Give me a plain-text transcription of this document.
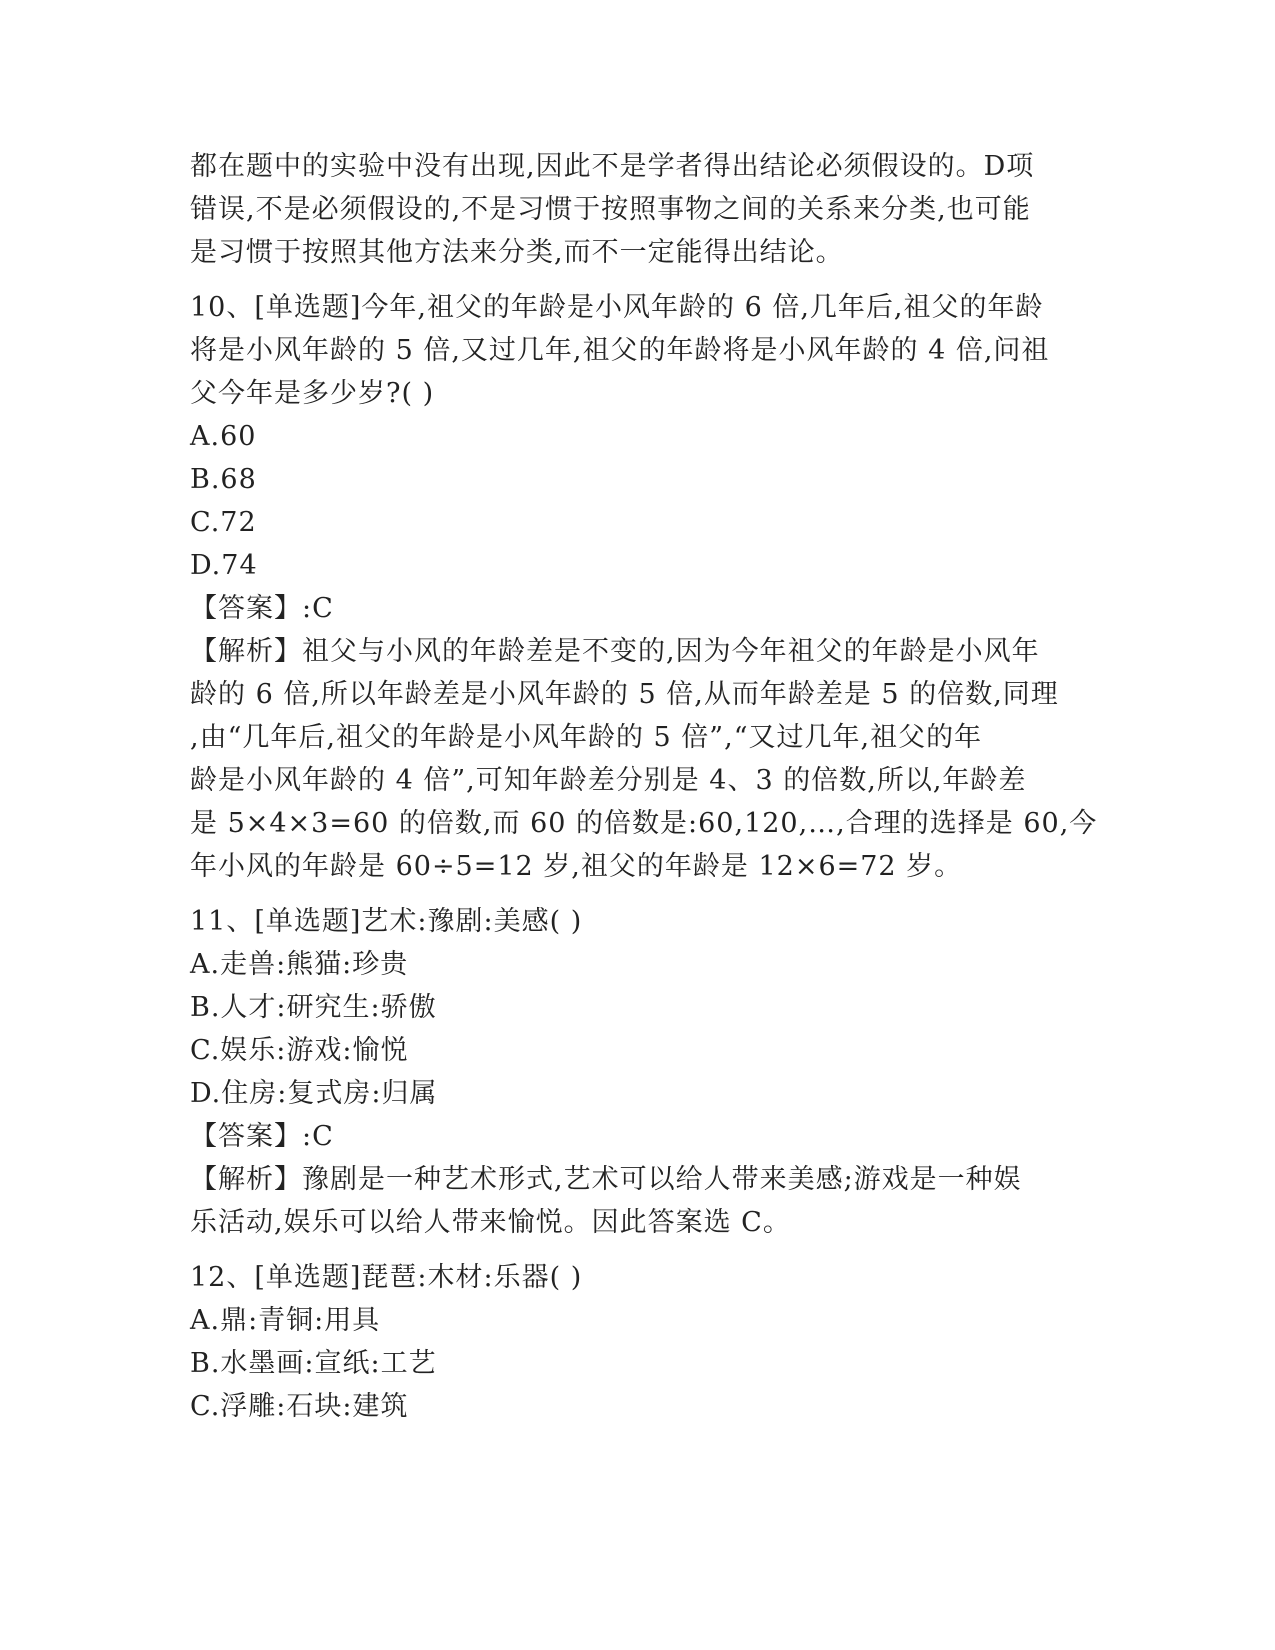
都在题中的实验中没有出现,因此不是学者得出结论必须假设的。D项
错误,不是必须假设的,不是习惯于按照事物之间的关系来分类,也可能
是习惯于按照其他方法来分类,而不一定能得出结论。
10、[单选题]今年,祖父的年龄是小风年龄的 6 倍,几年后,祖父的年龄
将是小风年龄的 5 倍,又过几年,祖父的年龄将是小风年龄的 4 倍,问祖
父今年是多少岁?( )
A.60
B.68
C.72
D.74
【答案】:C
【解析】祖父与小风的年龄差是不变的,因为今年祖父的年龄是小风年
龄的 6 倍,所以年龄差是小风年龄的 5 倍,从而年龄差是 5 的倍数,同理
,由“几年后,祖父的年龄是小风年龄的 5 倍”,“又过几年,祖父的年
龄是小风年龄的 4 倍”,可知年龄差分别是 4、3 的倍数,所以,年龄差
是 5×4×3=60 的倍数,而 60 的倍数是:60,120,…,合理的选择是 60,今
年小风的年龄是 60÷5=12 岁,祖父的年龄是 12×6=72 岁。
11、[单选题]艺术:豫剧:美感( )
A.走兽:熊猫:珍贵
B.人才:研究生:骄傲
C.娱乐:游戏:愉悦
D.住房:复式房:归属
【答案】:C
【解析】豫剧是一种艺术形式,艺术可以给人带来美感;游戏是一种娱
乐活动,娱乐可以给人带来愉悦。因此答案选 C。
12、[单选题]琵琶:木材:乐器( )
A.鼎:青铜:用具
B.水墨画:宣纸:工艺
C.浮雕:石块:建筑
